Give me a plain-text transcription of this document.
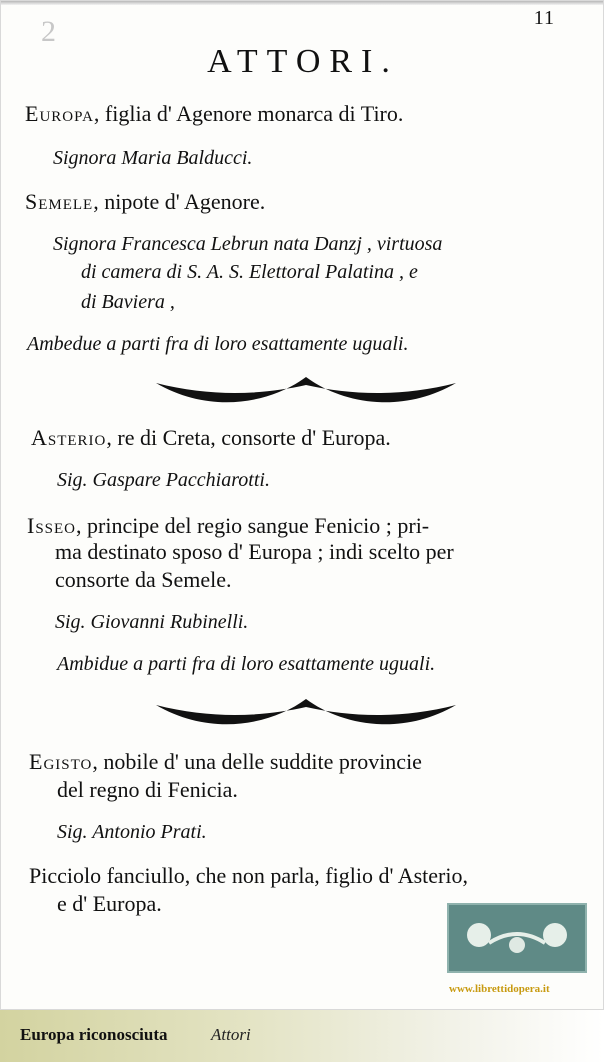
2	11
ATTORI.
Europa, figlia d' Agenore monarca di Tiro.
Signora Maria Balducci.
Semele, nipote d' Agenore.
Signora Francesca Lebrun nata Danzj , virtuosa
di camera di S. A. S. Elettoral Palatina , e
di Baviera ,
Ambedue a parti fra di loro esattamente uguali.
Asterio, re di Creta, consorte d' Europa.
Sig. Gaspare Pacchiarotti.
Isseo, principe del regio sangue Fenicio ; pri-
ma destinato sposo d' Europa ; indi scelto per
consorte da Semele.
Sig. Giovanni Rubinelli.
Ambidue a parti fra di loro esattamente uguali.
Egisto, nobile d' una delle suddite provincie
del regno di Fenicia.
Sig. Antonio Prati.
Picciolo fanciullo, che non parla, figlio d' Asterio,
e d' Europa.
www.librettidopera.it
Europa riconosciuta	Attori
